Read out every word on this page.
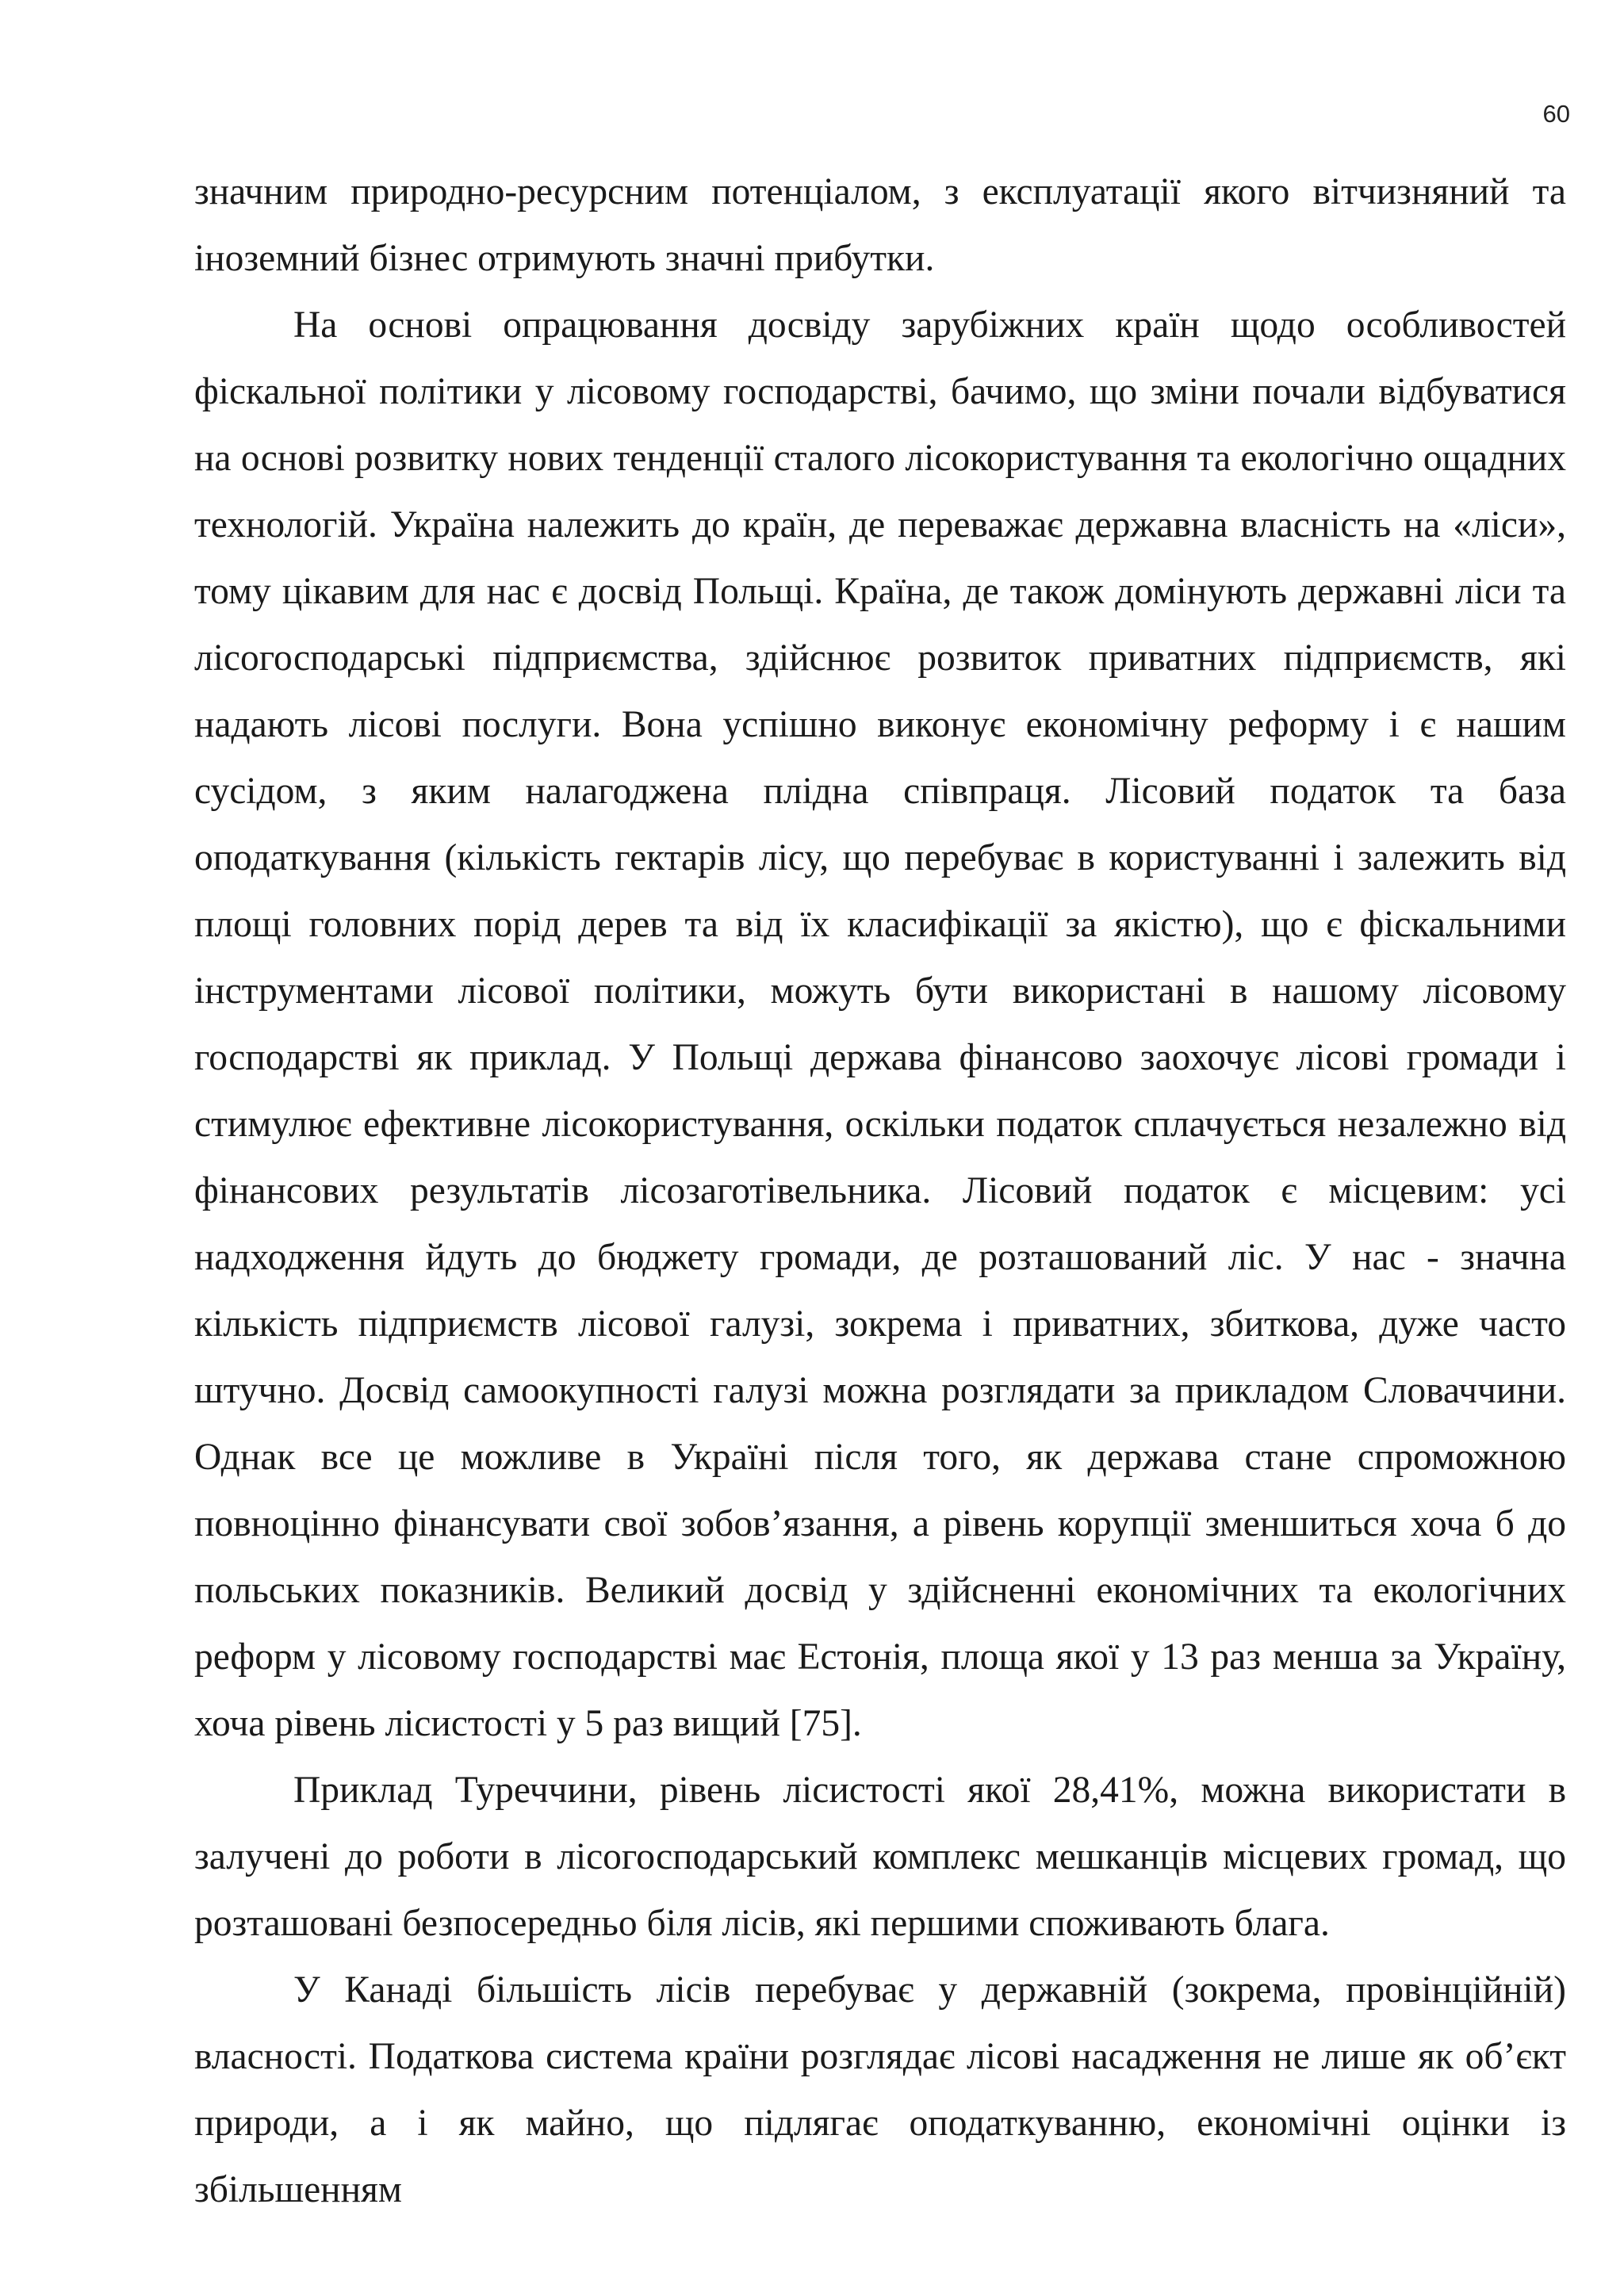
60

значним природно-ресурсним потенціалом, з експлуатації якого вітчизняний та іноземний бізнес отримують значні прибутки.

На основі опрацювання досвіду зарубіжних країн щодо особливостей фіскальної політики у лісовому господарстві, бачимо, що зміни почали відбуватися на основі розвитку нових тенденції сталого лісокористування та екологічно ощадних технологій. Україна належить до країн, де переважає державна власність на «ліси», тому цікавим для нас є досвід Польщі. Країна, де також домінують державні ліси та лісогосподарські підприємства, здійснює розвиток приватних підприємств, які надають лісові послуги. Вона успішно виконує економічну реформу і є нашим сусідом, з яким налагоджена плідна співпраця. Лісовий податок та база оподаткування (кількість гектарів лісу, що перебуває в користуванні і залежить від площі головних порід дерев та від їх класифікації за якістю), що є фіскальними інструментами лісової політики, можуть бути використані в нашому лісовому господарстві як приклад. У Польщі держава фінансово заохочує лісові громади і стимулює ефективне лісокористування, оскільки податок сплачується незалежно від фінансових результатів лісозаготівельника. Лісовий податок є місцевим: усі надходження йдуть до бюджету громади, де розташований ліс. У нас - значна кількість підприємств лісової галузі, зокрема і приватних, збиткова, дуже часто штучно. Досвід самоокупності галузі можна розглядати за прикладом Словаччини. Однак все це можливе в Україні після того, як держава стане спроможною повноцінно фінансувати свої зобов’язання, а рівень корупції зменшиться хоча б до польських показників. Великий досвід у здійсненні економічних та екологічних реформ у лісовому господарстві має Естонія, площа якої у 13 раз менша за Україну, хоча рівень лісистості у 5 раз вищий [75].

Приклад Туреччини, рівень лісистості якої 28,41%, можна використати в залучені до роботи в лісогосподарський комплекс мешканців місцевих громад, що розташовані безпосередньо біля лісів, які першими споживають блага.

У Канаді більшість лісів перебуває у державній (зокрема, провінційній) власності. Податкова система країни розглядає лісові насадження не лише як об’єкт природи, а і як майно, що підлягає оподаткуванню, економічні оцінки із збільшенням
